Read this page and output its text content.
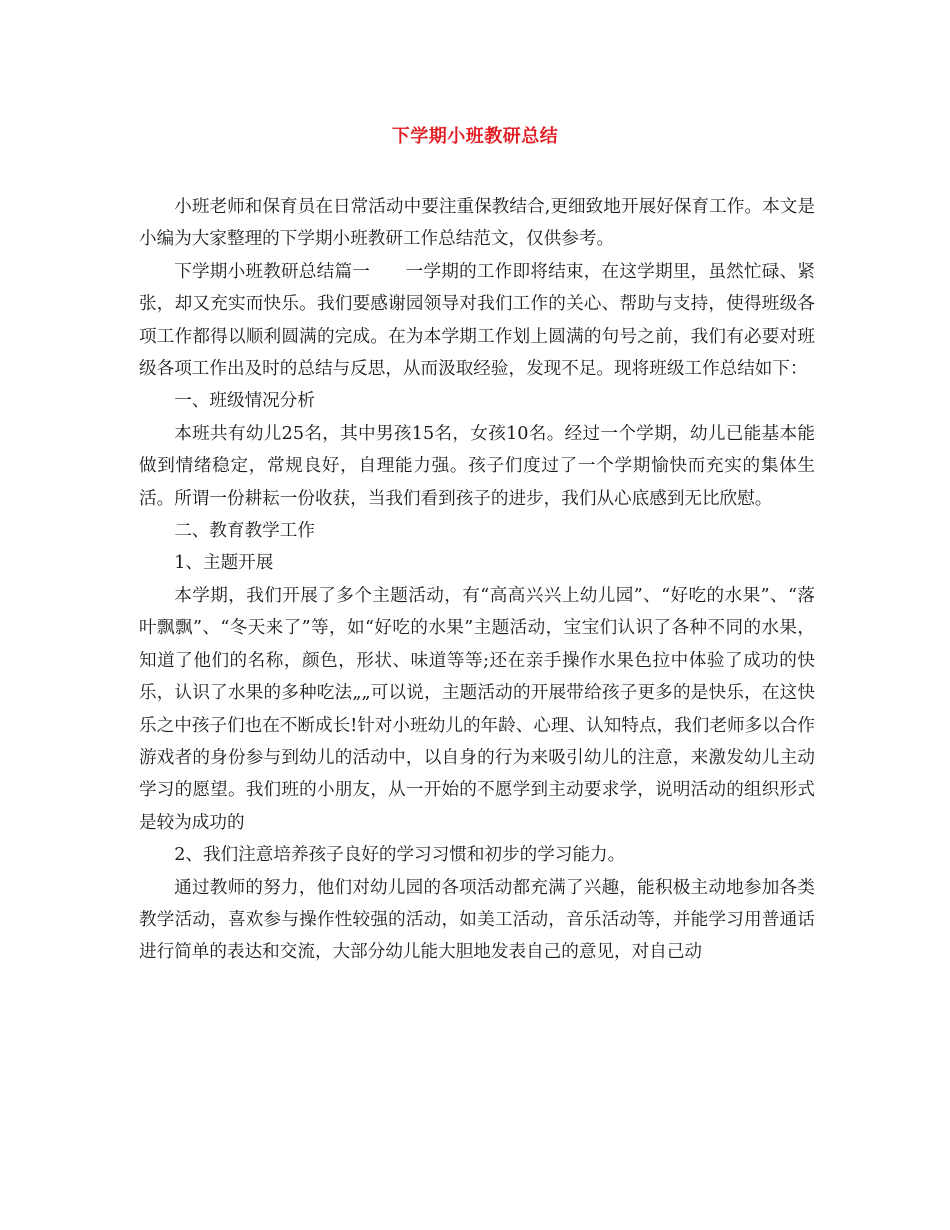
下学期小班教研总结

小班老师和保育员在日常活动中要注重保教结合,更细致地开展好保育工作。本文是小编为大家整理的下学期小班教研工作总结范文，仅供参考。

下学期小班教研总结篇一　　一学期的工作即将结束，在这学期里，虽然忙碌、紧张，却又充实而快乐。我们要感谢园领导对我们工作的关心、帮助与支持，使得班级各项工作都得以顺利圆满的完成。在为本学期工作划上圆满的句号之前，我们有必要对班级各项工作出及时的总结与反思，从而汲取经验，发现不足。现将班级工作总结如下：

一、班级情况分析

本班共有幼儿25名，其中男孩15名，女孩10名。经过一个学期，幼儿已能基本能做到情绪稳定，常规良好，自理能力强。孩子们度过了一个学期愉快而充实的集体生活。所谓一份耕耘一份收获，当我们看到孩子的进步，我们从心底感到无比欣慰。

二、教育教学工作

1、主题开展

本学期，我们开展了多个主题活动，有“高高兴兴上幼儿园”、“好吃的水果”、“落叶飘飘”、“冬天来了”等，如“好吃的水果”主题活动，宝宝们认识了各种不同的水果，知道了他们的名称，颜色，形状、味道等等;还在亲手操作水果色拉中体验了成功的快乐，认识了水果的多种吃法„„可以说，主题活动的开展带给孩子更多的是快乐，在这快乐之中孩子们也在不断成长!针对小班幼儿的年龄、心理、认知特点，我们老师多以合作游戏者的身份参与到幼儿的活动中，以自身的行为来吸引幼儿的注意，来激发幼儿主动学习的愿望。我们班的小朋友，从一开始的不愿学到主动要求学，说明活动的组织形式是较为成功的

2、我们注意培养孩子良好的学习习惯和初步的学习能力。

通过教师的努力，他们对幼儿园的各项活动都充满了兴趣，能积极主动地参加各类教学活动，喜欢参与操作性较强的活动，如美工活动，音乐活动等，并能学习用普通话进行简单的表达和交流，大部分幼儿能大胆地发表自己的意见，对自己动
